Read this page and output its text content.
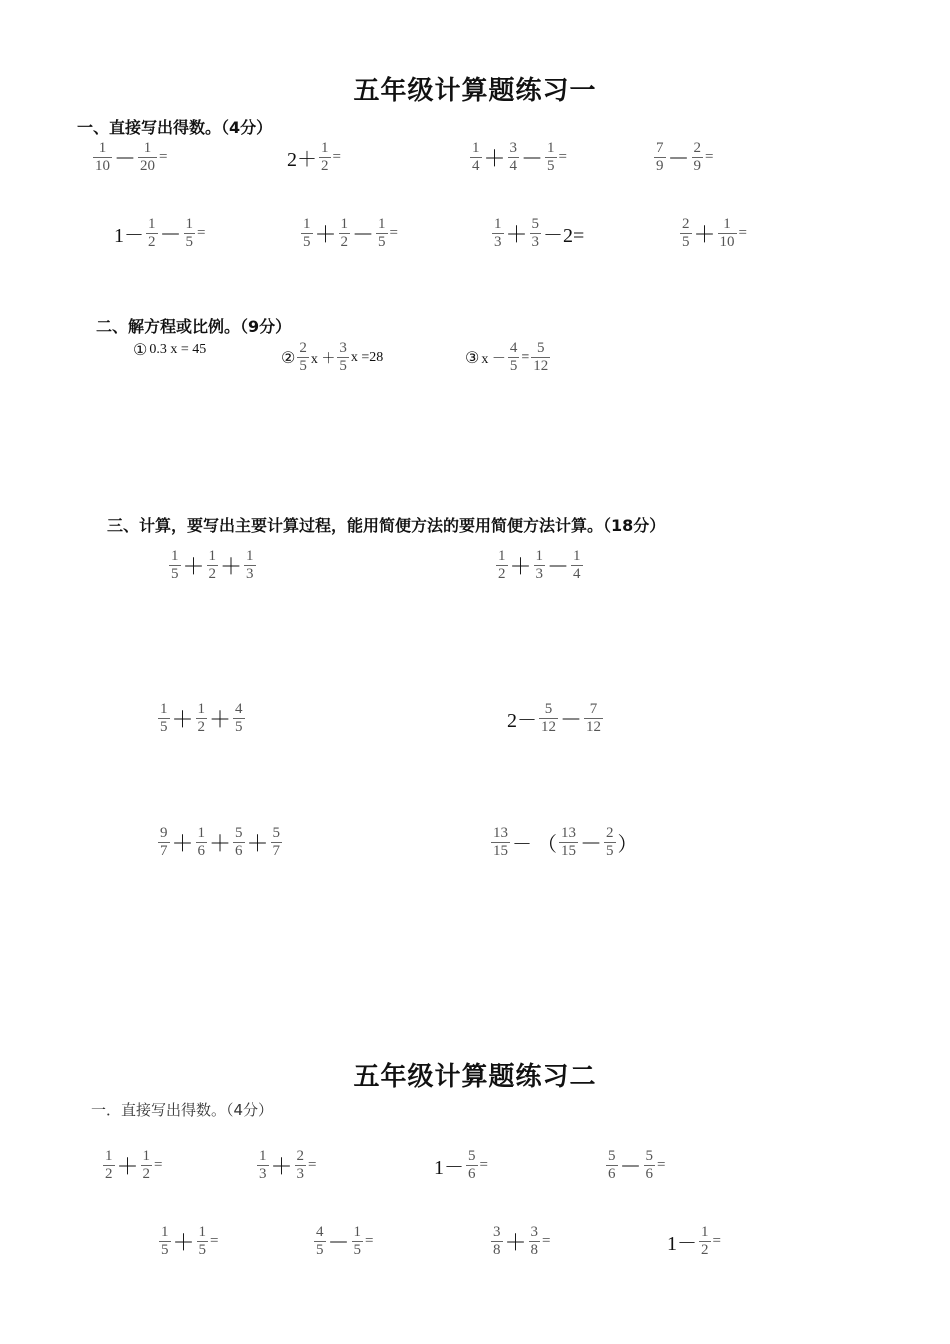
五年级计算题练习一
一、直接写出得数。（4分）
$\frac{1}{10} - \frac{1}{20}$ =	$2+ \frac{1}{2}$ =	$\frac{1}{4} + \frac{3}{4} - \frac{1}{5}$ =	$\frac{7}{9} - \frac{2}{9}$ =
$1- \frac{1}{2} - \frac{1}{5}$ =	$\frac{1}{5} + \frac{1}{2} - \frac{1}{5}$ =	$\frac{1}{3} + \frac{5}{3} -2=$	$\frac{2}{5} + \frac{1}{10}$ =
二、解方程或比例。（9分）
① 0.3 x = 45	② $\frac{2}{5}$ $x + \frac{3}{5}$ x =28	③ $x - \frac{4}{5} = \frac{5}{12}$
三、计算，要写出主要计算过程，能用简便方法的要用简便方法计算。（18分）
$\frac{1}{5} + \frac{1}{2} + \frac{1}{3}$	$\frac{1}{2} + \frac{1}{3} - \frac{1}{4}$
$\frac{1}{5} + \frac{1}{2} + \frac{4}{5}$	$2- \frac{5}{12} - \frac{7}{12}$
$\frac{9}{7} + \frac{1}{6} + \frac{5}{6} + \frac{5}{7}$	$\frac{13}{15}$ － （ $\frac{13}{15} - \frac{2}{5}$ ）
五年级计算题练习二
一．直接写出得数。（4分）
$\frac{1}{2} + \frac{1}{2}$ =	$\frac{1}{3} + \frac{2}{3}$ =	$1- \frac{5}{6}$ =	$\frac{5}{6} - \frac{5}{6}$ =
$\frac{1}{5} + \frac{1}{5}$ =	$\frac{4}{5} - \frac{1}{5}$ =	$\frac{3}{8} + \frac{3}{8}$ =	$1- \frac{1}{2}$ =
